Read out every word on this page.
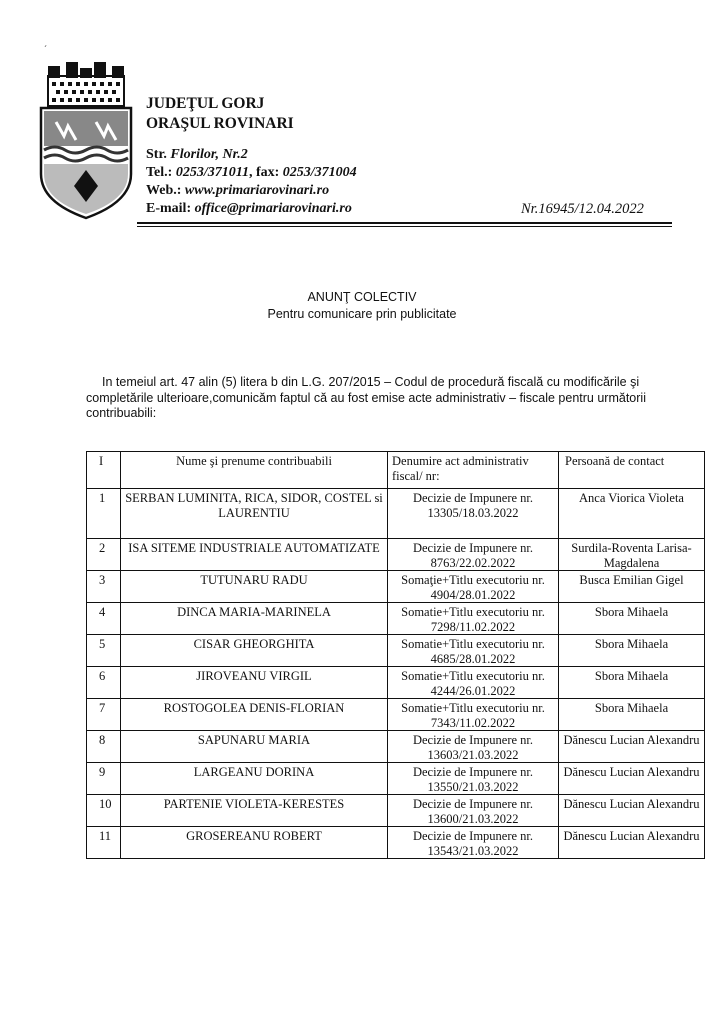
´
JUDEŢUL GORJ
ORAŞUL ROVINARI
Str. Florilor, Nr.2
Tel.: 0253/371011, fax: 0253/371004
Web.: www.primariarovinari.ro
E-mail: office@primariarovinari.ro	Nr.16945/12.04.2022
ANUNŢ COLECTIV
Pentru comunicare prin publicitate
In temeiul art. 47 alin (5) litera b din L.G. 207/2015 – Codul de procedură fiscală cu modificările şi completările ulterioare,comunicăm faptul că au fost emise acte administrativ – fiscale pentru următorii contribuabili:
I	Nume şi prenume contribuabili	Denumire act administrativ fiscal/ nr:	Persoană de contact
1	SERBAN LUMINITA, RICA, SIDOR, COSTEL si LAURENTIU	Decizie de Impunere nr. 13305/18.03.2022	Anca Viorica Violeta
2	ISA SITEME INDUSTRIALE AUTOMATIZATE	Decizie de Impunere nr. 8763/22.02.2022	Surdila-Roventa Larisa-Magdalena
3	TUTUNARU RADU	Somaţie+Titlu executoriu nr. 4904/28.01.2022	Busca Emilian Gigel
4	DINCA MARIA-MARINELA	Somatie+Titlu executoriu nr. 7298/11.02.2022	Sbora Mihaela
5	CISAR GHEORGHITA	Somatie+Titlu executoriu nr. 4685/28.01.2022	Sbora Mihaela
6	JIROVEANU VIRGIL	Somatie+Titlu executoriu nr. 4244/26.01.2022	Sbora Mihaela
7	ROSTOGOLEA DENIS-FLORIAN	Somatie+Titlu executoriu nr. 7343/11.02.2022	Sbora Mihaela
8	SAPUNARU MARIA	Decizie de Impunere nr. 13603/21.03.2022	Dănescu Lucian Alexandru
9	LARGEANU DORINA	Decizie de Impunere nr. 13550/21.03.2022	Dănescu Lucian Alexandru
10	PARTENIE VIOLETA-KERESTES	Decizie de Impunere nr. 13600/21.03.2022	Dănescu Lucian Alexandru
11	GROSEREANU ROBERT	Decizie de Impunere nr. 13543/21.03.2022	Dănescu Lucian Alexandru
